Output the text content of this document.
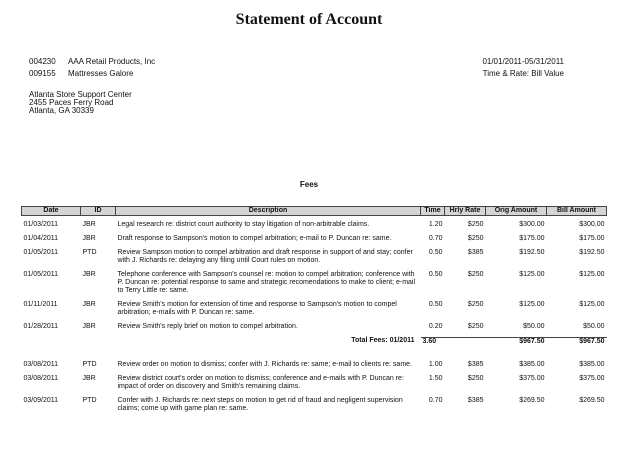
Statement of Account
004230 AAA Retail Products, Inc
009155 Mattresses Galore
01/01/2011-05/31/2011
Time & Rate: Bill Value
Atlanta Store Support Center
2455 Paces Ferry Road
Atlanta, GA 30339
Fees
Date	ID	Description	Time	Hrly Rate	Orig Amount	Bill Amount
01/03/2011	JBR	Legal research re: district court authority to stay litigation of non-arbitrable claims.	1.20	$250	$300.00	$300.00
01/04/2011	JBR	Draft response to Sampson's motion to compel arbitration; e-mail to P. Duncan re: same.	0.70	$250	$175.00	$175.00
01/05/2011	PTD	Review Sampson motion to compel arbitration and draft response in support of and stay; confer with J. Richards re: delaying any filing until Court rules on motion.	0.50	$385	$192.50	$192.50
01/05/2011	JBR	Telephone conference with Sampson's counsel re: motion to compel arbitration; conference with P. Duncan re: potential response to same and strategic recomendations to make to client; e-mail to Terry Little re: same.	0.50	$250	$125.00	$125.00
01/11/2011	JBR	Review Smith's motion for extension of time and response to Sampson's motion to compel arbitration; e-mails with P. Duncan re: same.	0.50	$250	$125.00	$125.00
01/28/2011	JBR	Review Smith's reply brief on motion to compel arbitration.	0.20	$250	$50.00	$50.00
Total Fees: 01/2011			3.60		$967.50	$967.50
03/08/2011	PTD	Review order on motion to dismiss; confer with J. Richards re: same; e-mail to clients re: same.	1.00	$385	$385.00	$385.00
03/08/2011	JBR	Review district court's order on motion to dismiss; conference and e-mails with P. Duncan re: impact of order on discovery and Smith's remaining claims.	1.50	$250	$375.00	$375.00
03/09/2011	PTD	Confer with J. Richards re: next steps on motion to get rid of fraud and negligent supervision claims; come up with game plan re: same.	0.70	$385	$269.50	$269.50
